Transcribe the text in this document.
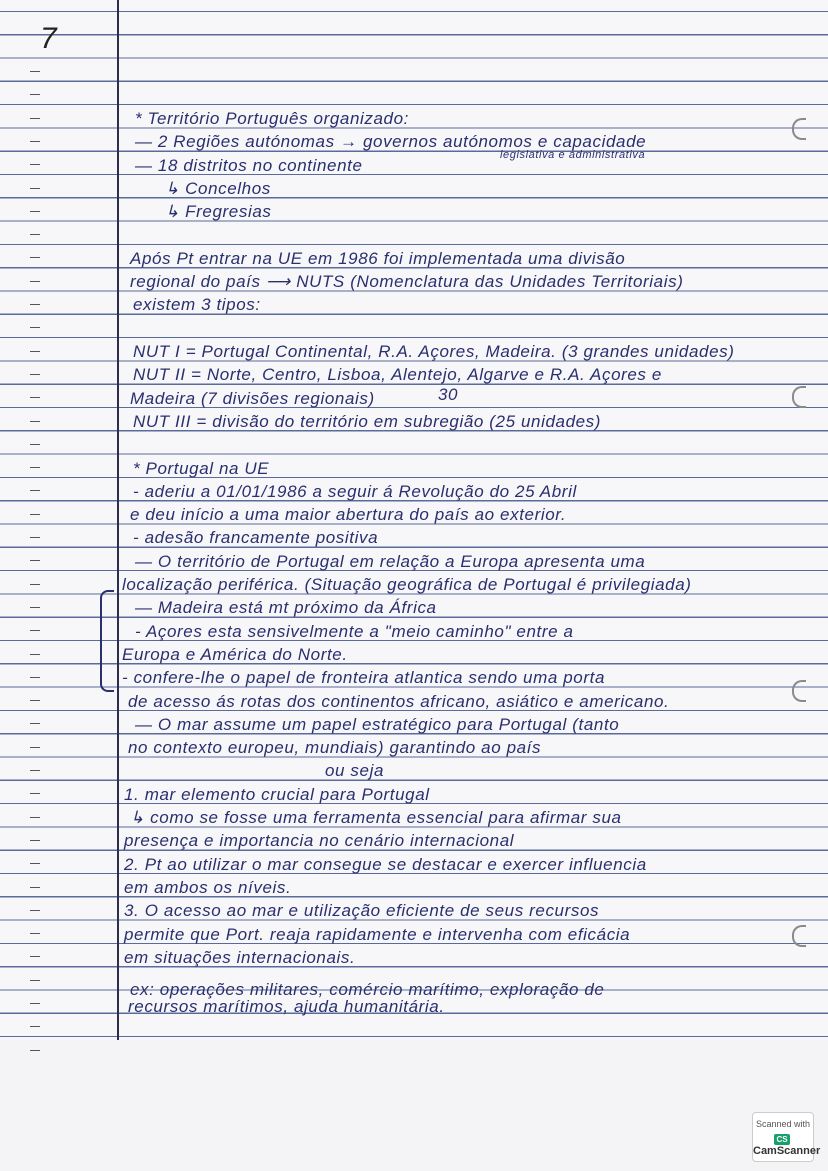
7
* Território Português organizado:
— 2 Regiões autónomas → governos autónomos e capacidade
legislativa e administrativa
— 18 distritos no continente
↳ Concelhos
↳ Fregresias
Após Pt entrar na UE em 1986 foi implementada uma divisão
regional do país ⟶ NUTS (Nomenclatura das Unidades Territoriais)
existem 3 tipos:
NUT I = Portugal Continental, R.A. Açores, Madeira. (3 grandes unidades)
NUT II = Norte, Centro, Lisboa, Alentejo, Algarve e R.A. Açores e
Madeira (7 divisões regionais)	30
NUT III = divisão do território em subregião (25 unidades)
* Portugal na UE
- aderiu a 01/01/1986 a seguir á Revolução do 25 Abril
e deu início a uma maior abertura do país ao exterior.
- adesão francamente positiva
— O território de Portugal em relação a Europa apresenta uma
localização periférica. (Situação geográfica de Portugal é privilegiada)
— Madeira está mt próximo da África
- Açores esta sensivelmente a "meio caminho" entre a
Europa e América do Norte.
- confere-lhe o papel de fronteira atlantica sendo uma porta
de acesso ás rotas dos continentos africano, asiático e americano.
— O mar assume um papel estratégico para Portugal (tanto
no contexto europeu, mundiais) garantindo ao país
ou seja
1. mar elemento crucial para Portugal
↳ como se fosse uma ferramenta essencial para afirmar sua
presença e importancia no cenário internacional
2. Pt ao utilizar o mar consegue se destacar e exercer influencia
em ambos os níveis.
3. O acesso ao mar e utilização eficiente de seus recursos
permite que Port. reaja rapidamente e intervenha com eficácia
em situações internacionais.
ex: operações militares, comércio marítimo, exploração de
recursos marítimos, ajuda humanitária.
Scanned with
CSCamScanner
